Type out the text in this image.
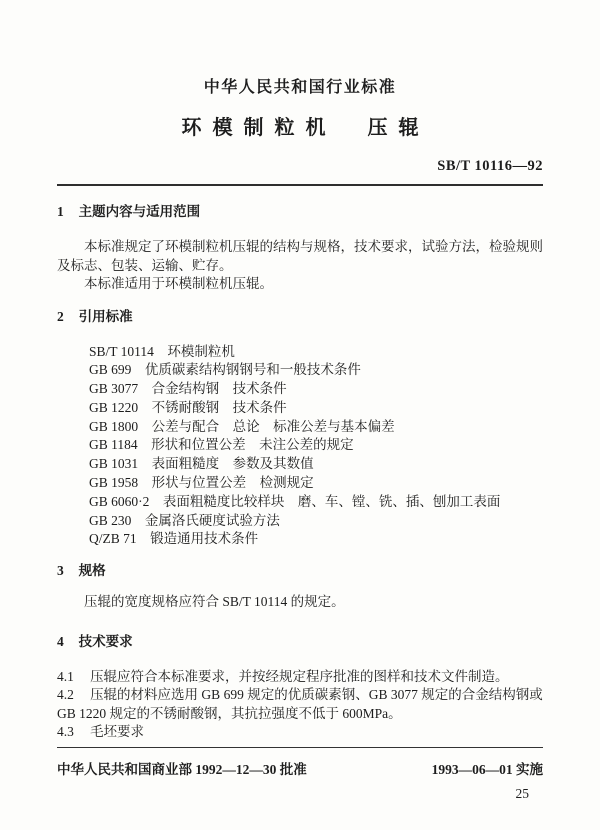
中华人民共和国行业标准
环模制粒机　压辊
SB/T 10116—92
1 主题内容与适用范围

本标准规定了环模制粒机压辊的结构与规格，技术要求，试验方法，检验规则及标志、包装、运输、贮存。

本标准适用于环模制粒机压辊。

2 引用标准
SB/T 10114 环模制粒机
GB 699 优质碳素结构钢钢号和一般技术条件
GB 3077 合金结构钢　技术条件
GB 1220 不锈耐酸钢　技术条件
GB 1800 公差与配合　总论　标准公差与基本偏差
GB 1184 形状和位置公差　未注公差的规定
GB 1031 表面粗糙度　参数及其数值
GB 1958 形状与位置公差　检测规定
GB 6060·2 表面粗糙度比较样块　磨、车、镗、铣、插、刨加工表面
GB 230 金属洛氏硬度试验方法
Q/ZB 71 锻造通用技术条件
3 规格

压辊的宽度规格应符合 SB/T 10114 的规定。

4 技术要求

4.1 压辊应符合本标准要求，并按经规定程序批准的图样和技术文件制造。

4.2 压辊的材料应选用 GB 699 规定的优质碳素钢、GB 3077 规定的合金结构钢或 GB 1220 规定的不锈耐酸钢，其抗拉强度不低于 600MPa。

4.3 毛坯要求

中华人民共和国商业部 1992—12—30 批准	1993—06—01 实施
25
